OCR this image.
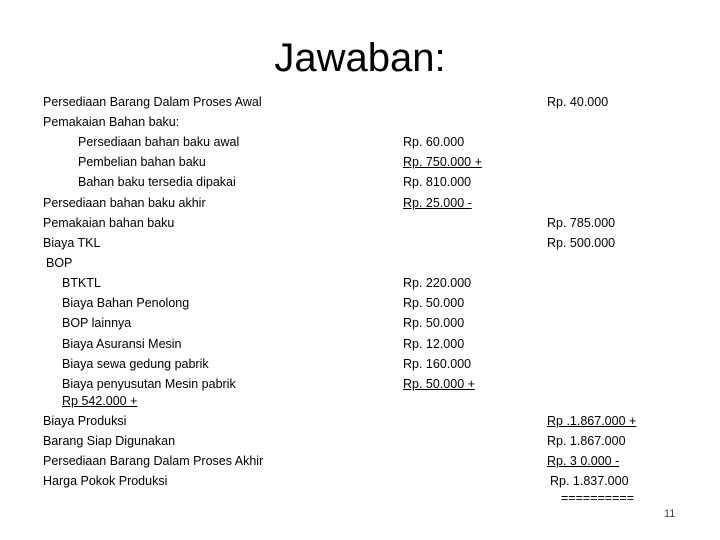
Jawaban:
Persediaan Barang Dalam Proses Awal
Pemakaian Bahan baku:
Persediaan bahan baku awal
Pembelian bahan baku
Bahan baku tersedia dipakai
Persediaan bahan baku akhir
Pemakaian bahan baku
Biaya TKL
BOP
BTKTL
Biaya Bahan Penolong
BOP lainnya
Biaya Asuransi Mesin
Biaya sewa gedung pabrik
Biaya penyusutan Mesin pabrik
Rp 542.000 +
Biaya Produksi
Barang Siap Digunakan
Persediaan Barang Dalam Proses Akhir
Harga Pokok Produksi
Rp. 60.000
Rp. 750.000 +
Rp. 810.000
Rp. 25.000 -
Rp. 220.000
Rp. 50.000
Rp. 50.000
Rp. 12.000
Rp. 160.000
Rp. 50.000 +
Rp. 40.000
Rp. 785.000
Rp. 500.000
Rp .1.867.000 +
Rp. 1.867.000
Rp. 3 0.000 -
Rp. 1.837.000
==========
11
